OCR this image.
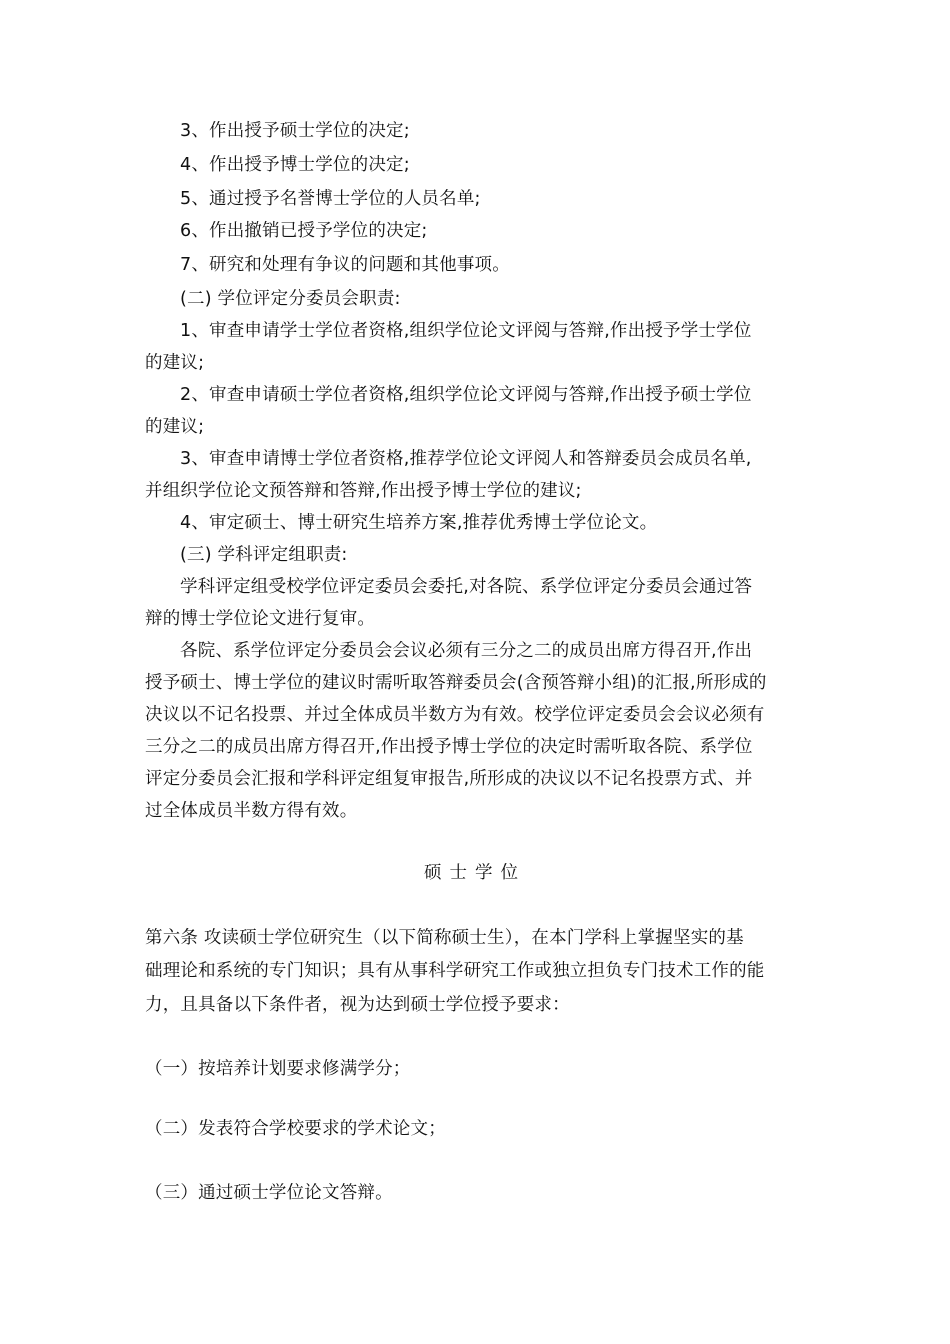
3、作出授予硕士学位的决定;
4、作出授予博士学位的决定;
5、通过授予名誉博士学位的人员名单;
6、作出撤销已授予学位的决定;
7、研究和处理有争议的问题和其他事项。
(二) 学位评定分委员会职责:
1、审查申请学士学位者资格,组织学位论文评阅与答辩,作出授予学士学位
的建议;
2、审查申请硕士学位者资格,组织学位论文评阅与答辩,作出授予硕士学位
的建议;
3、审查申请博士学位者资格,推荐学位论文评阅人和答辩委员会成员名单,
并组织学位论文预答辩和答辩,作出授予博士学位的建议;
4、审定硕士、博士研究生培养方案,推荐优秀博士学位论文。
(三) 学科评定组职责:
学科评定组受校学位评定委员会委托,对各院、系学位评定分委员会通过答
辩的博士学位论文进行复审。
各院、系学位评定分委员会会议必须有三分之二的成员出席方得召开,作出
授予硕士、博士学位的建议时需听取答辩委员会(含预答辩小组)的汇报,所形成的
决议以不记名投票、并过全体成员半数方为有效。校学位评定委员会会议必须有
三分之二的成员出席方得召开,作出授予博士学位的决定时需听取各院、系学位
评定分委员会汇报和学科评定组复审报告,所形成的决议以不记名投票方式、并
过全体成员半数方得有效。
硕士学位
第六条 攻读硕士学位研究生（以下简称硕士生），在本门学科上掌握坚实的基
础理论和系统的专门知识；具有从事科学研究工作或独立担负专门技术工作的能
力，且具备以下条件者，视为达到硕士学位授予要求：
（一）按培养计划要求修满学分；
（二）发表符合学校要求的学术论文；
（三）通过硕士学位论文答辩。
